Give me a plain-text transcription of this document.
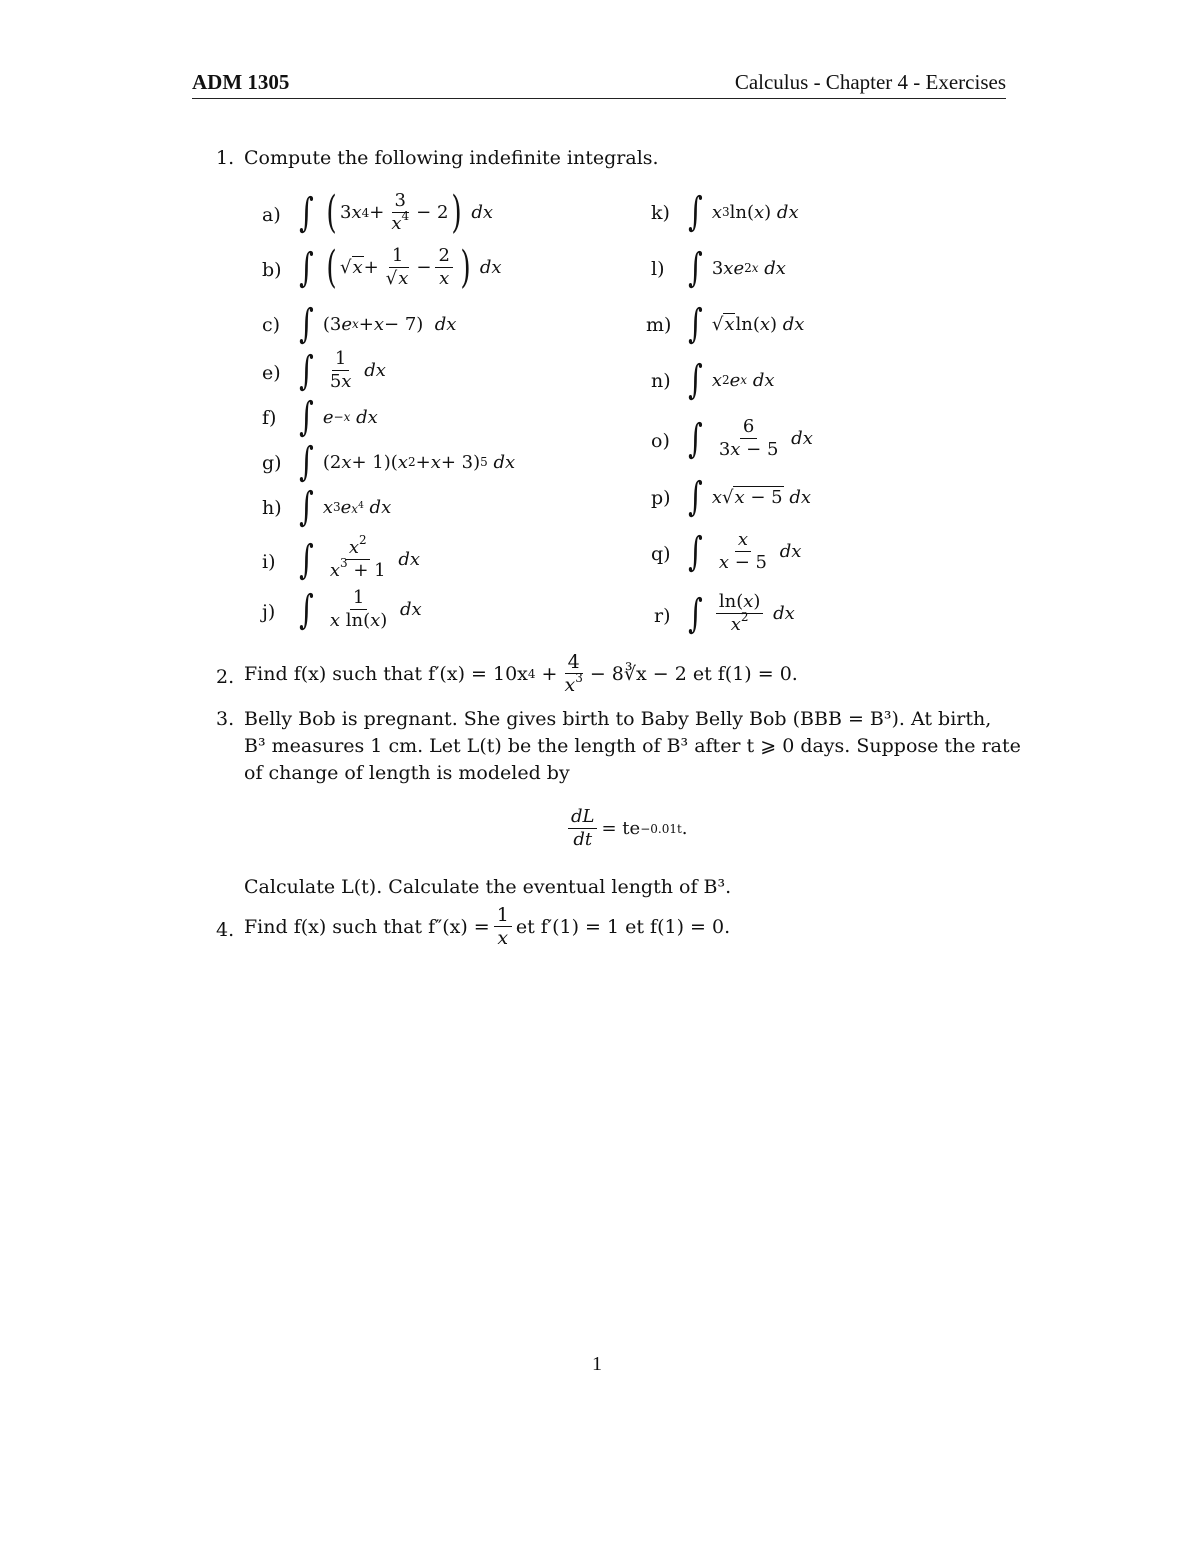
ADM 1305	Calculus - Chapter 4 - Exercises
1. Compute the following indefinite integrals.
a) ∫ ( 3 x $4 + \frac{3}{x^4} - 2$ )
dx
b) ∫ ( $√x + \frac{1}{√x} - \frac{2}{x}$ )
dx
c) ∫ (3 e x + x − 7) dx
e) ∫ $\frac{1}{5x}$
dx
f) ∫ e −x
dx
g) ∫ (2 x + 1)( x 2 + x + 3) 5
dx
h) ∫ x 3 e $x^4$
dx
i) ∫ $\frac{x^2}{x^3 + 1}$
dx
j) ∫ $\frac{1}{\text{x ln(x)}}$
dx
k) ∫ x 3 ln( x ) dx
l) ∫ 3 xe 2x
dx
m) ∫ √x ln( x ) dx
n) ∫ x 2 e x
dx
o) ∫ $\frac{6}{3x - 5}$
dx
p) ∫ x √x − 5
dx
q) ∫ $\frac{x}{x - 5}$
dx
r) ∫ $\frac{\ln(x)}{x^2}$
dx
2. Find f(x) such that f′(x) = 10x $4 + \frac{4}{x^3}$ − 8∛x − 2 et f(1) = 0.
3. Belly Bob is pregnant. She gives birth to Baby Belly Bob (BBB = B³). At birth,
B³ measures 1 cm. Let L(t) be the length of B³ after t ⩾ 0 days. Suppose the rate
of change of length is modeled by
$\frac{dL}{dt}$ = te −0.01t .
Calculate L(t). Calculate the eventual length of B³.
4. Find f(x) such that $f''(x) = \frac{1}{x}$ et f′(1) = 1 et f(1) = 0.
1
